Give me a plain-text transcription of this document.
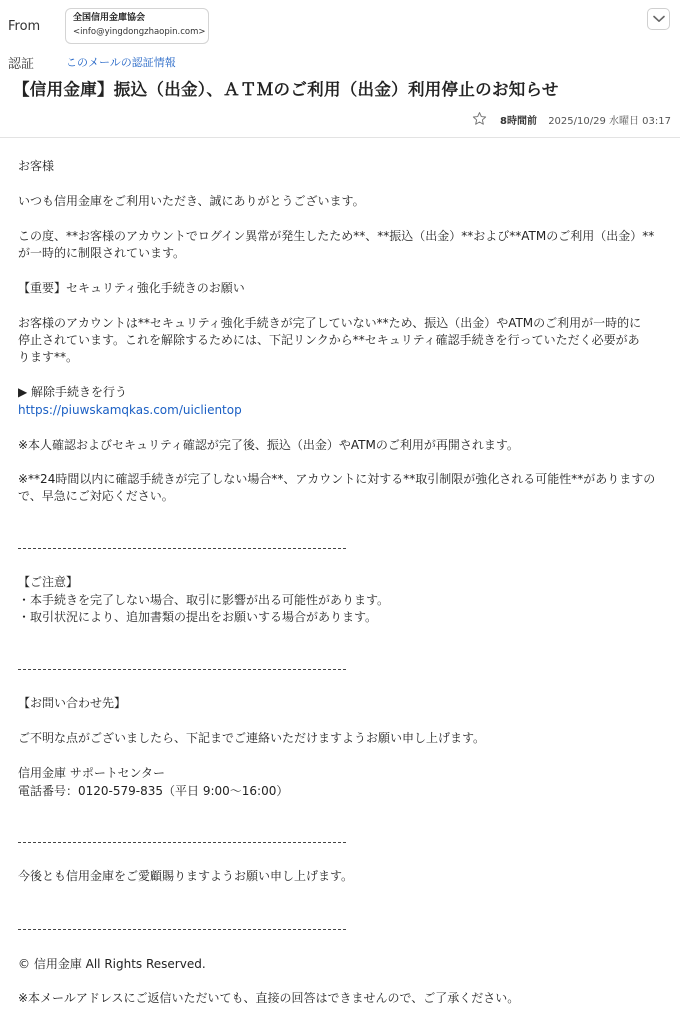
From
全国信用金庫協会
<info@yingdongzhaopin.com>
認証	このメールの認証情報
【信用金庫】振込（出金）、ＡＴＭのご利用（出金）利用停止のお知らせ
8時間前 2025/10/29 水曜日 03:17

お客様

いつも信用金庫をご利用いただき、誠にありがとうございます。

この度、**お客様のアカウントでログイン異常が発生したため**、**振込（出金）**および**ATMのご利用（出金）**

が一時的に制限されています。

【重要】セキュリティ強化手続きのお願い

お客様のアカウントは**セキュリティ強化手続きが完了していない**ため、振込（出金）やATMのご利用が一時的に

停止されています。これを解除するためには、下記リンクから**セキュリティ確認手続きを行っていただく必要があ

ります**。

▶ 解除手続きを行う

https://piuwskamqkas.com/uiclientop

※本人確認およびセキュリティ確認が完了後、振込（出金）やATMのご利用が再開されます。

※**24時間以内に確認手続きが完了しない場合**、アカウントに対する**取引制限が強化される可能性**がありますの

で、早急にご対応ください。

【ご注意】

・本手続きを完了しない場合、取引に影響が出る可能性があります。

・取引状況により、追加書類の提出をお願いする場合があります。

【お問い合わせ先】

ご不明な点がございましたら、下記までご連絡いただけますようお願い申し上げます。

信用金庫 サポートセンター

電話番号：0120-579-835（平日 9:00〜16:00）

今後とも信用金庫をご愛顧賜りますようお願い申し上げます。

© 信用金庫 All Rights Reserved.

※本メールアドレスにご返信いただいても、直接の回答はできませんので、ご了承ください。
